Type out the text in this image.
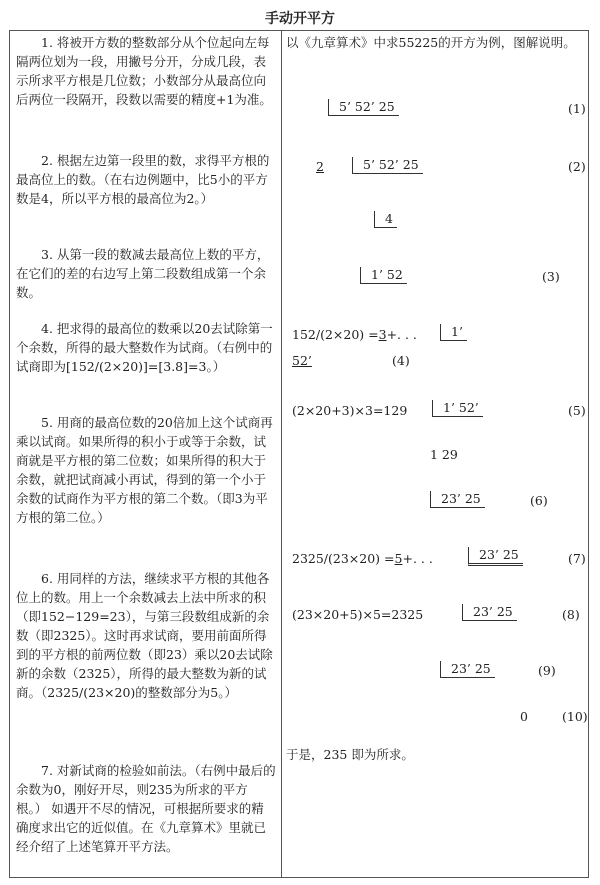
手动开平方

1. 将被开方数的整数部分从个位起向左每隔两位划为一段，用撇号分开，分成几段，表示所求平方根是几位数；小数部分从最高位向后两位一段隔开，段数以需要的精度+1为准。

2. 根据左边第一段里的数，求得平方根的最高位上的数。（在右边例题中，比5小的平方数是4，所以平方根的最高位为2。）

3. 从第一段的数减去最高位上数的平方，在它们的差的右边写上第二段数组成第一个余数。

4. 把求得的最高位的数乘以20去试除第一个余数，所得的最大整数作为试商。（右例中的试商即为[152/(2×20)]=[3.8]=3。）

5. 用商的最高位数的20倍加上这个试商再乘以试商。如果所得的积小于或等于余数，试商就是平方根的第二位数；如果所得的积大于余数，就把试商减小再试，得到的第一个小于余数的试商作为平方根的第二个数。（即3为平方根的第二位。）

6. 用同样的方法，继续求平方根的其他各位上的数。用上一个余数减去上法中所求的积（即152−129=23），与第三段数组成新的余数（即2325）。这时再求试商，要用前面所得到的平方根的前两位数（即23）乘以20去试除新的余数（2325），所得的最大整数为新的试商。（2325/(23×20)的整数部分为5。）

7. 对新试商的检验如前法。（右例中最后的余数为0，刚好开尽，则235为所求的平方根。） 如遇开不尽的情况，可根据所要求的精确度求出它的近似值。在《九章算术》里就已经介绍了上述笔算开平方法。

以《九章算术》中求55225的开方为例，图解说明。
5’ 52’ 25	(1)
2	5’ 52’ 25	(2)
4
1’ 52	(3)
152/(2×20) =3+. . .	1’
52’	(4)
(2×20+3)×3=129	1’ 52’	(5)
1 29
23’ 25	(6)
2325/(23×20) =5+. . .	23’ 25	(7)
(23×20+5)×5=2325	23’ 25	(8)
23’ 25	(9)
0	(10)
于是，235 即为所求。
